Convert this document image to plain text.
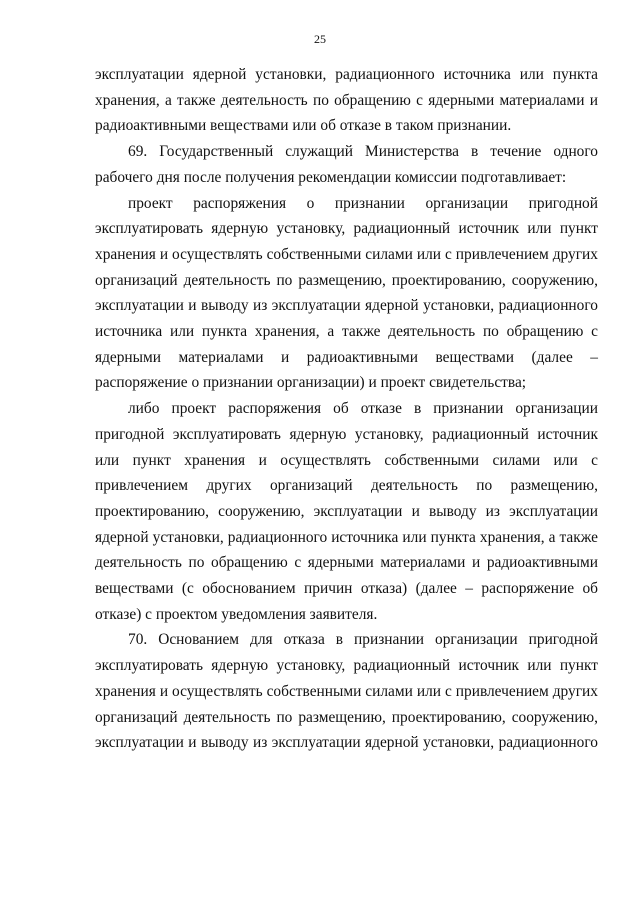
25

эксплуатации ядерной установки, радиационного источника или пункта хранения, а также деятельность по обращению с ядерными материалами и радиоактивными веществами или об отказе в таком признании.

69. Государственный служащий Министерства в течение одного рабочего дня после получения рекомендации комиссии подготавливает:

проект распоряжения о признании организации пригодной эксплуатировать ядерную установку, радиационный источник или пункт хранения и осуществлять собственными силами или с привлечением других организаций деятельность по размещению, проектированию, сооружению, эксплуатации и выводу из эксплуатации ядерной установки, радиационного источника или пункта хранения, а также деятельность по обращению с ядерными материалами и радиоактивными веществами (далее – распоряжение о признании организации) и проект свидетельства;

либо проект распоряжения об отказе в признании организации пригодной эксплуатировать ядерную установку, радиационный источник или пункт хранения и осуществлять собственными силами или с привлечением других организаций деятельность по размещению, проектированию, сооружению, эксплуатации и выводу из эксплуатации ядерной установки, радиационного источника или пункта хранения, а также деятельность по обращению с ядерными материалами и радиоактивными веществами (с обоснованием причин отказа) (далее – распоряжение об отказе) с проектом уведомления заявителя.

70. Основанием для отказа в признании организации пригодной эксплуатировать ядерную установку, радиационный источник или пункт хранения и осуществлять собственными силами или с привлечением других организаций деятельность по размещению, проектированию, сооружению, эксплуатации и выводу из эксплуатации ядерной установки, радиационного
